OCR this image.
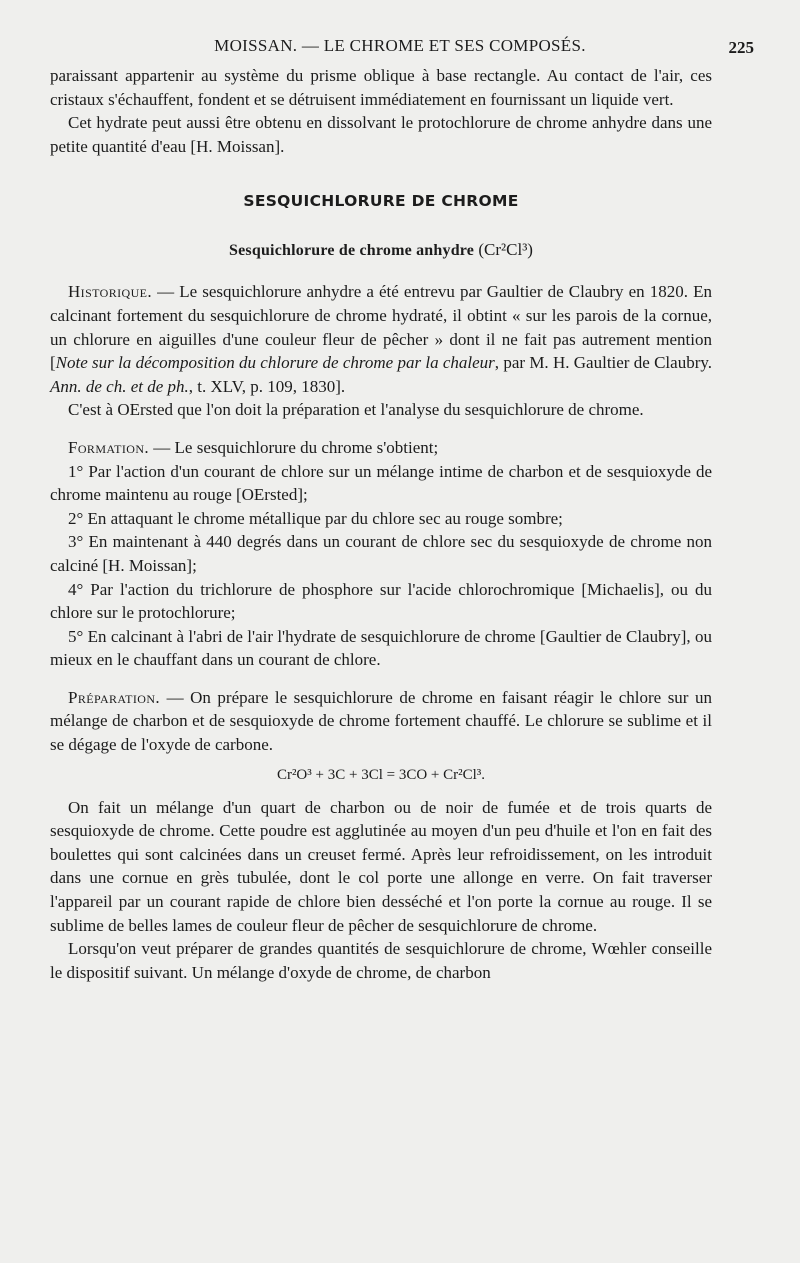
MOISSAN. — LE CHROME ET SES COMPOSÉS.	225

paraissant appartenir au système du prisme oblique à base rectangle. Au contact de l'air, ces cristaux s'échauffent, fondent et se détruisent immédiatement en fournissant un liquide vert.

Cet hydrate peut aussi être obtenu en dissolvant le protochlorure de chrome anhydre dans une petite quantité d'eau [H. Moissan].

SESQUICHLORURE DE CHROME
Sesquichlorure de chrome anhydre (Cr²Cl³)

Historique. — Le sesquichlorure anhydre a été entrevu par Gaultier de Claubry en 1820. En calcinant fortement du sesquichlorure de chrome hydraté, il obtint « sur les parois de la cornue, un chlorure en aiguilles d'une couleur fleur de pêcher » dont il ne fait pas autrement mention [Note sur la décomposition du chlorure de chrome par la chaleur, par M. H. Gaultier de Claubry. Ann. de ch. et de ph., t. XLV, p. 109, 1830].

C'est à OErsted que l'on doit la préparation et l'analyse du sesquichlorure de chrome.

Formation. — Le sesquichlorure du chrome s'obtient;

1° Par l'action d'un courant de chlore sur un mélange intime de charbon et de sesquioxyde de chrome maintenu au rouge [OErsted];

2° En attaquant le chrome métallique par du chlore sec au rouge sombre;

3° En maintenant à 440 degrés dans un courant de chlore sec du sesquioxyde de chrome non calciné [H. Moissan];

4° Par l'action du trichlorure de phosphore sur l'acide chlorochromique [Michaelis], ou du chlore sur le protochlorure;

5° En calcinant à l'abri de l'air l'hydrate de sesquichlorure de chrome [Gaultier de Claubry], ou mieux en le chauffant dans un courant de chlore.

Préparation. — On prépare le sesquichlorure de chrome en faisant réagir le chlore sur un mélange de charbon et de sesquioxyde de chrome fortement chauffé. Le chlorure se sublime et il se dégage de l'oxyde de carbone.

Cr²O³ + 3C + 3Cl = 3CO + Cr²Cl³.

On fait un mélange d'un quart de charbon ou de noir de fumée et de trois quarts de sesquioxyde de chrome. Cette poudre est agglutinée au moyen d'un peu d'huile et l'on en fait des boulettes qui sont calcinées dans un creuset fermé. Après leur refroidissement, on les introduit dans une cornue en grès tubulée, dont le col porte une allonge en verre. On fait traverser l'appareil par un courant rapide de chlore bien desséché et l'on porte la cornue au rouge. Il se sublime de belles lames de couleur fleur de pêcher de sesquichlorure de chrome.

Lorsqu'on veut préparer de grandes quantités de sesquichlorure de chrome, Wœhler conseille le dispositif suivant. Un mélange d'oxyde de chrome, de charbon
